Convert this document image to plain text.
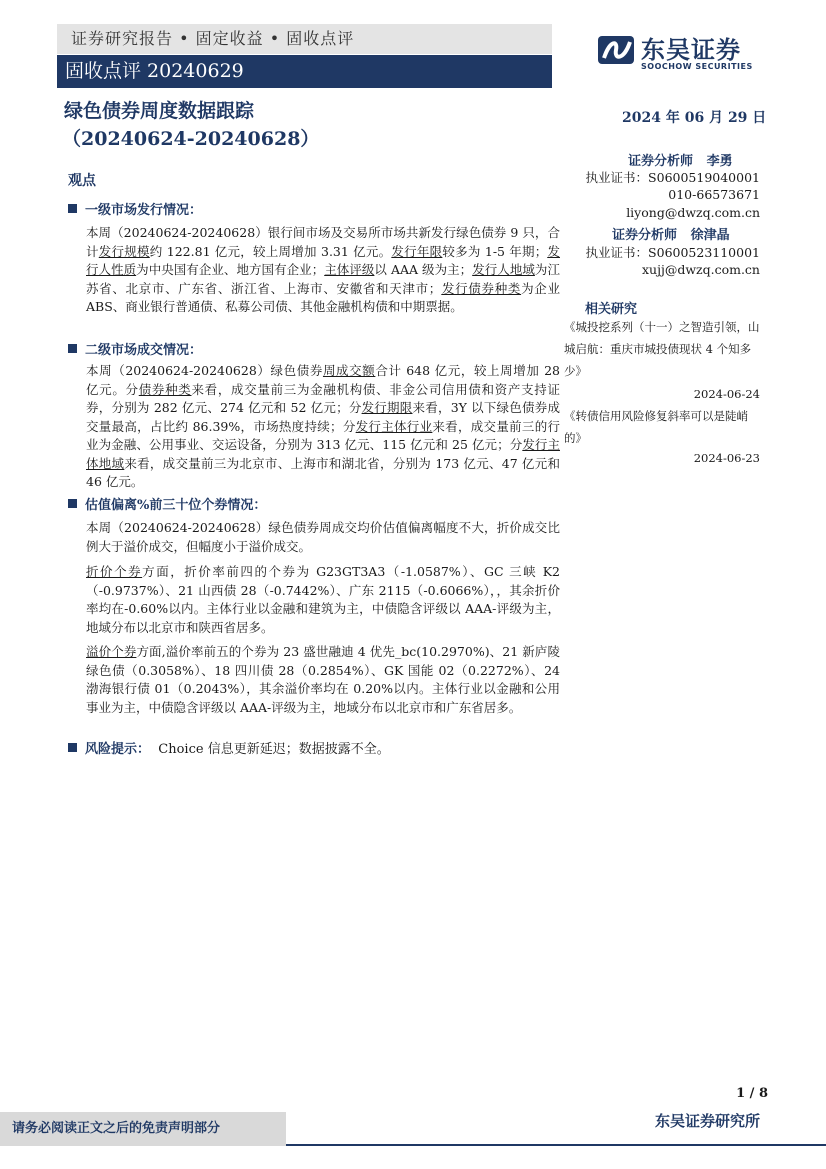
证券研究报告 • 固定收益 • 固收点评
固收点评 20240629
东吴证券
SOOCHOW SECURITIES
绿色债券周度数据跟踪
（20240624-20240628）
2024 年 06 月 29 日
证券分析师 李勇
执业证书：S0600519040001
010-66573671
liyong@dwzq.com.cn
证券分析师 徐津晶
执业证书：S0600523110001
xujj@dwzq.com.cn
相关研究
《城投挖系列（十一）之智造引领，山城启航：重庆市城投债现状 4 个知多少》
2024-06-24
《转债信用风险修复斜率可以是陡峭的》
2024-06-23
观点
一级市场发行情况：
本周（20240624-20240628）银行间市场及交易所市场共新发行绿色债券 9 只，合计发行规模约 122.81 亿元，较上周增加 3.31 亿元。发行年限较多为 1-5 年期；发行人性质为中央国有企业、地方国有企业；主体评级以 AAA 级为主；发行人地域为江苏省、北京市、广东省、浙江省、上海市、安徽省和天津市；发行债券种类为企业 ABS、商业银行普通债、私募公司债、其他金融机构债和中期票据。
二级市场成交情况：
本周（20240624-20240628）绿色债券周成交额合计 648 亿元，较上周增加 28 亿元。分债券种类来看，成交量前三为金融机构债、非金公司信用债和资产支持证券，分别为 282 亿元、274 亿元和 52 亿元；分发行期限来看，3Y 以下绿色债券成交量最高，占比约 86.39%，市场热度持续；分发行主体行业来看，成交量前三的行业为金融、公用事业、交运设备，分别为 313 亿元、115 亿元和 25 亿元；分发行主体地域来看，成交量前三为北京市、上海市和湖北省，分别为 173 亿元、47 亿元和 46 亿元。
估值偏离%前三十位个券情况：
本周（20240624-20240628）绿色债券周成交均价估值偏离幅度不大，折价成交比例大于溢价成交，但幅度小于溢价成交。
折价个券方面，折价率前四的个券为 G23GT3A3（-1.0587%）、GC 三峡 K2（-0.9737%）、21 山西债 28（-0.7442%）、广东 2115（-0.6066%），，其余折价率均在-0.60%以内。主体行业以金融和建筑为主，中债隐含评级以 AAA-评级为主，地域分布以北京市和陕西省居多。
溢价个券方面,溢价率前五的个券为 23 盛世融迪 4 优先_bc(10.2970%)、21 新庐陵绿色债（0.3058%）、18 四川债 28（0.2854%）、GK 国能 02（0.2272%）、24 渤海银行债 01（0.2043%），其余溢价率均在 0.20%以内。主体行业以金融和公用事业为主，中债隐含评级以 AAA-评级为主，地域分布以北京市和广东省居多。
风险提示： Choice 信息更新延迟；数据披露不全。
1 / 8
请务必阅读正文之后的免责声明部分	东吴证券研究所
